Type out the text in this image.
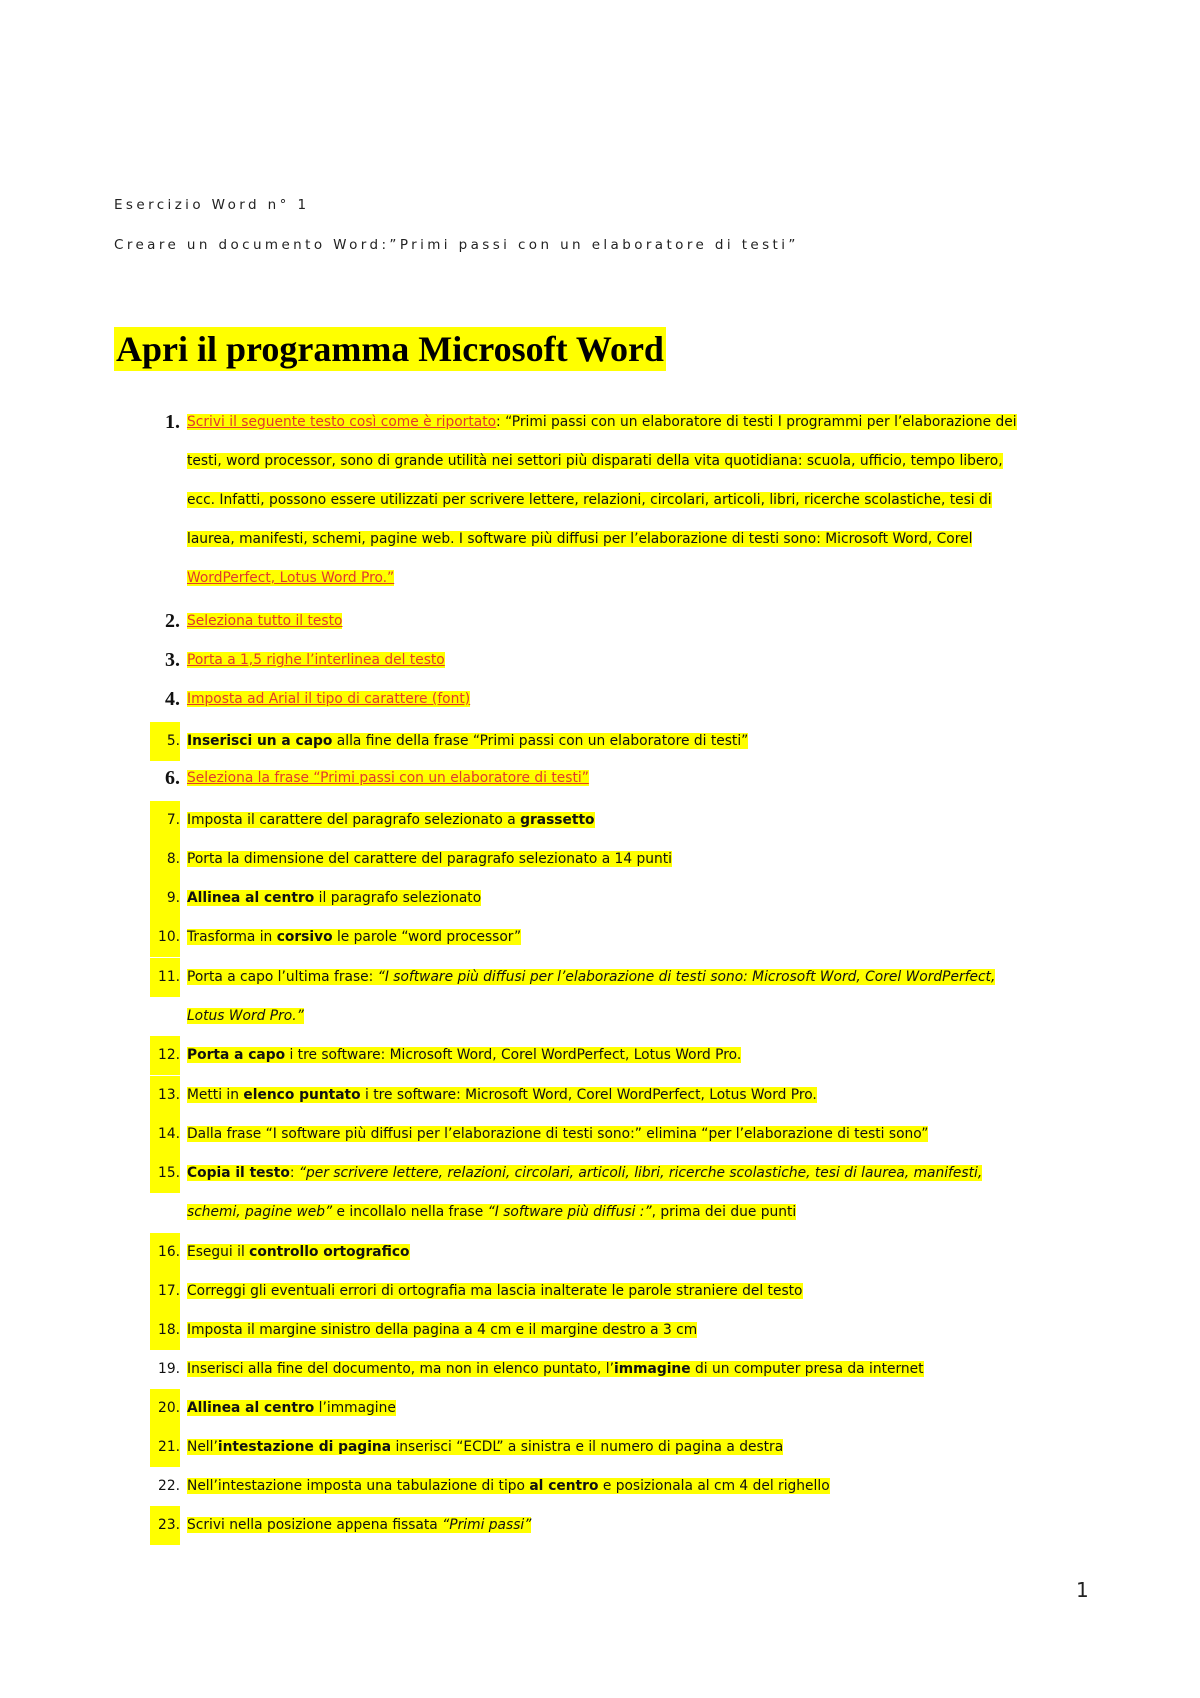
Esercizio Word n° 1
Creare un documento Word:”Primi passi con un elaboratore di testi”
Apri il programma Microsoft Word
1. Scrivi il seguente testo così come è riportato: “Primi passi con un elaboratore di testi I programmi per l’elaborazione dei
testi, word processor, sono di grande utilità nei settori più disparati della vita quotidiana: scuola, ufficio, tempo libero,
ecc. Infatti, possono essere utilizzati per scrivere lettere, relazioni, circolari, articoli, libri, ricerche scolastiche, tesi di
laurea, manifesti, schemi, pagine web. I software più diffusi per l’elaborazione di testi sono: Microsoft Word, Corel
WordPerfect, Lotus Word Pro.”
2. Seleziona tutto il testo
3. Porta a 1,5 righe l’interlinea del testo
4. Imposta ad Arial il tipo di carattere (font)
5. Inserisci un a capo alla fine della frase “Primi passi con un elaboratore di testi”
6. Seleziona la frase “Primi passi con un elaboratore di testi”
7. Imposta il carattere del paragrafo selezionato a grassetto
8. Porta la dimensione del carattere del paragrafo selezionato a 14 punti
9. Allinea al centro il paragrafo selezionato
10. Trasforma in corsivo le parole “word processor”
11. Porta a capo l’ultima frase: “I software più diffusi per l’elaborazione di testi sono: Microsoft Word, Corel WordPerfect,
Lotus Word Pro.”
12. Porta a capo i tre software: Microsoft Word, Corel WordPerfect, Lotus Word Pro.
13. Metti in elenco puntato i tre software: Microsoft Word, Corel WordPerfect, Lotus Word Pro.
14. Dalla frase “I software più diffusi per l’elaborazione di testi sono:” elimina “per l’elaborazione di testi sono”
15. Copia il testo: “per scrivere lettere, relazioni, circolari, articoli, libri, ricerche scolastiche, tesi di laurea, manifesti,
schemi, pagine web” e incollalo nella frase “I software più diffusi :”, prima dei due punti
16. Esegui il controllo ortografico
17. Correggi gli eventuali errori di ortografia ma lascia inalterate le parole straniere del testo
18. Imposta il margine sinistro della pagina a 4 cm e il margine destro a 3 cm
19. Inserisci alla fine del documento, ma non in elenco puntato, l’immagine di un computer presa da internet
20. Allinea al centro l’immagine
21. Nell’intestazione di pagina inserisci “ECDL” a sinistra e il numero di pagina a destra
22. Nell’intestazione imposta una tabulazione di tipo al centro e posizionala al cm 4 del righello
23. Scrivi nella posizione appena fissata “Primi passi”
1
